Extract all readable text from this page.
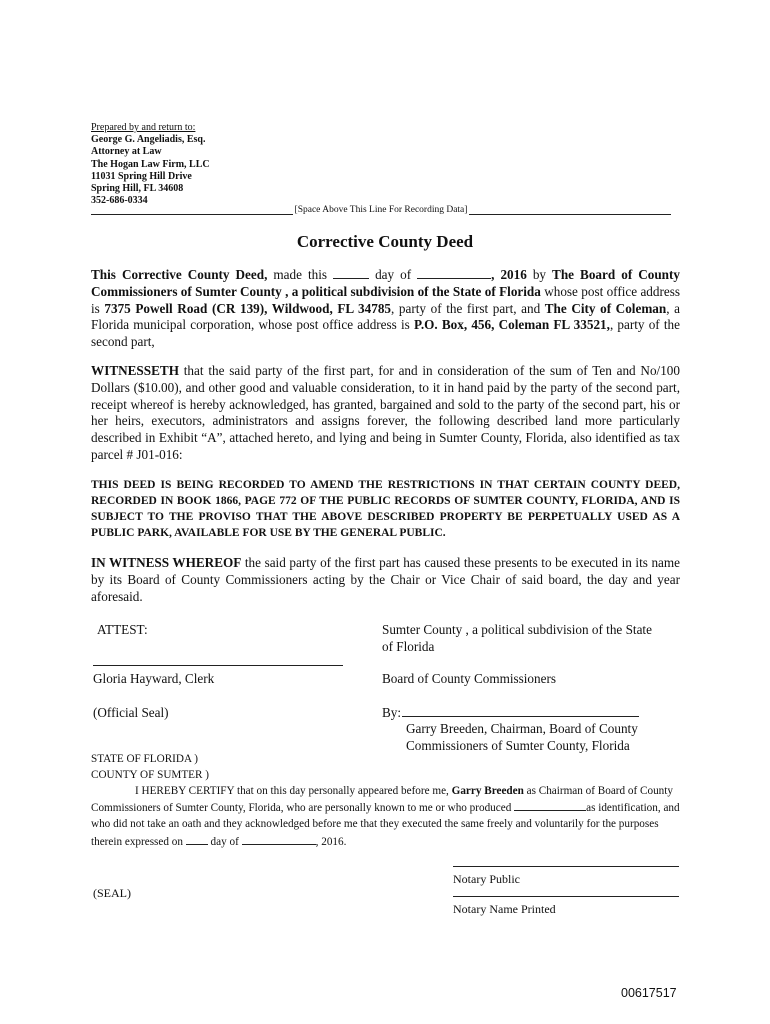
Prepared by and return to:
George G. Angeliadis, Esq.
Attorney at Law
The Hogan Law Firm, LLC
11031 Spring Hill Drive
Spring Hill, FL 34608
352-686-0334
[Space Above This Line For Recording Data]
Corrective County Deed
This Corrective County Deed, made this	day of	, 2016 by The Board of County Commissioners of Sumter County , a political subdivision of the State of Florida whose post office address is 7375 Powell Road (CR 139), Wildwood, FL 34785, party of the first part, and The City of Coleman, a Florida municipal corporation, whose post office address is P.O. Box, 456, Coleman FL 33521,, party of the second part,
WITNESSETH that the said party of the first part, for and in consideration of the sum of Ten and No/100 Dollars ($10.00), and other good and valuable consideration, to it in hand paid by the party of the second part, receipt whereof is hereby acknowledged, has granted, bargained and sold to the party of the second part, his or her heirs, executors, administrators and assigns forever, the following described land more particularly described in Exhibit “A”, attached hereto, and lying and being in Sumter County, Florida, also identified as tax parcel # J01-016:
THIS DEED IS BEING RECORDED TO AMEND THE RESTRICTIONS IN THAT CERTAIN COUNTY DEED, RECORDED IN BOOK 1866, PAGE 772 OF THE PUBLIC RECORDS OF SUMTER COUNTY, FLORIDA, AND IS SUBJECT TO THE PROVISO THAT THE ABOVE DESCRIBED PROPERTY BE PERPETUALLY USED AS A PUBLIC PARK, AVAILABLE FOR USE BY THE GENERAL PUBLIC.
IN WITNESS WHEREOF the said party of the first part has caused these presents to be executed in its name by its Board of County Commissioners acting by the Chair or Vice Chair of said board, the day and year aforesaid.
ATTEST:	Sumter County , a political subdivision of the State
of Florida
Gloria Hayward, Clerk	Board of County Commissioners
(Official Seal)	By:
Garry Breeden, Chairman, Board of County
Commissioners of Sumter County, Florida
STATE OF FLORIDA )
COUNTY OF SUMTER )
I HEREBY CERTIFY that on this day personally appeared before me, Garry Breeden as Chairman of Board of County Commissioners of Sumter County, Florida, who are personally known to me or who produced	as identification, and who did not take an oath and they acknowledged before me that they executed the same freely and voluntarily for the purposes therein expressed on  day of	, 2016.
Notary Public
(SEAL)
Notary Name Printed
00617517
